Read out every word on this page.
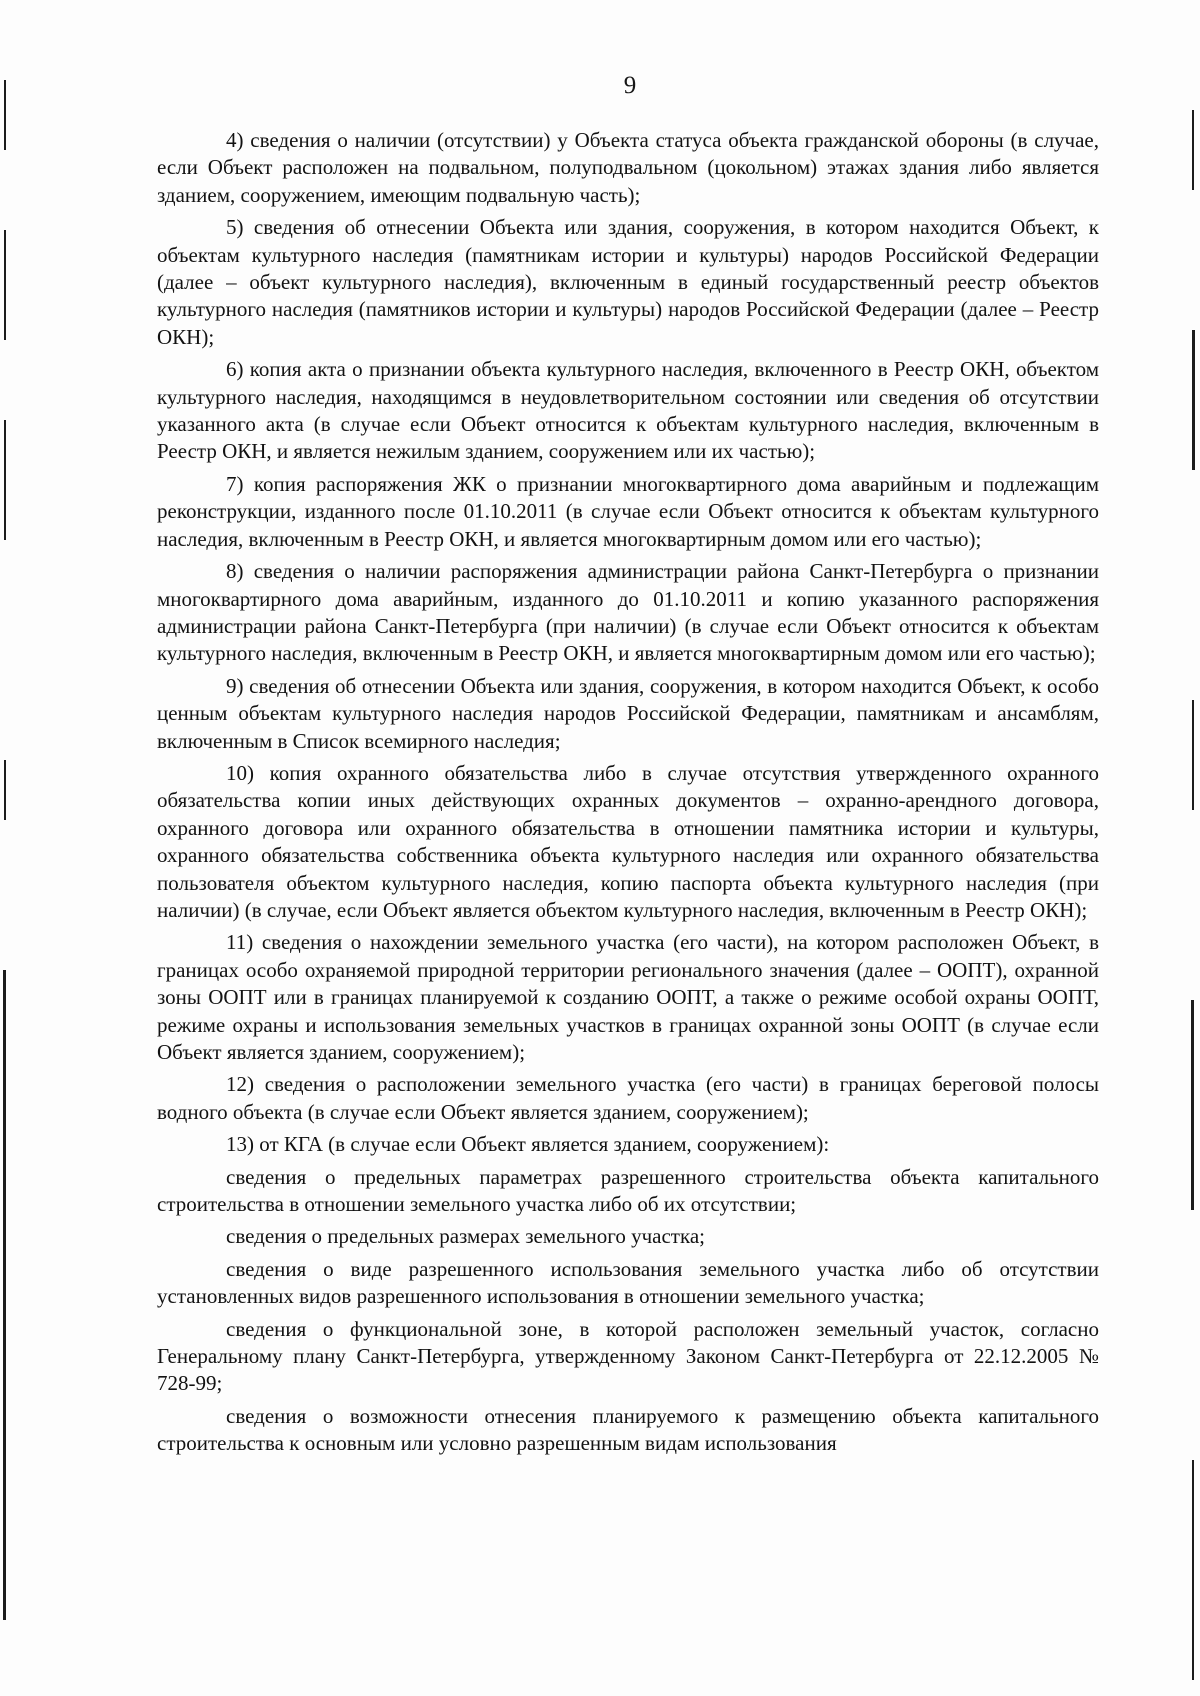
9

4) сведения о наличии (отсутствии) у Объекта статуса объекта гражданской обороны (в случае, если Объект расположен на подвальном, полуподвальном (цокольном) этажах здания либо является зданием, сооружением, имеющим подвальную часть);

5) сведения об отнесении Объекта или здания, сооружения, в котором находится Объект, к объектам культурного наследия (памятникам истории и культуры) народов Российской Федерации (далее – объект культурного наследия), включенным в единый государственный реестр объектов культурного наследия (памятников истории и культуры) народов Российской Федерации (далее – Реестр ОКН);

6) копия акта о признании объекта культурного наследия, включенного в Реестр ОКН, объектом культурного наследия, находящимся в неудовлетворительном состоянии или сведения об отсутствии указанного акта (в случае если Объект относится к объектам культурного наследия, включенным в Реестр ОКН, и является нежилым зданием, сооружением или их частью);

7) копия распоряжения ЖК о признании многоквартирного дома аварийным и подлежащим реконструкции, изданного после 01.10.2011 (в случае если Объект относится к объектам культурного наследия, включенным в Реестр ОКН, и является многоквартирным домом или его частью);

8) сведения о наличии распоряжения администрации района Санкт-Петербурга о признании многоквартирного дома аварийным, изданного до 01.10.2011 и копию указанного распоряжения администрации района Санкт-Петербурга (при наличии) (в случае если Объект относится к объектам культурного наследия, включенным в Реестр ОКН, и является многоквартирным домом или его частью);

9) сведения об отнесении Объекта или здания, сооружения, в котором находится Объект, к особо ценным объектам культурного наследия народов Российской Федерации, памятникам и ансамблям, включенным в Список всемирного наследия;

10) копия охранного обязательства либо в случае отсутствия утвержденного охранного обязательства копии иных действующих охранных документов – охранно-арендного договора, охранного договора или охранного обязательства в отношении памятника истории и культуры, охранного обязательства собственника объекта культурного наследия или охранного обязательства пользователя объектом культурного наследия, копию паспорта объекта культурного наследия (при наличии) (в случае, если Объект является объектом культурного наследия, включенным в Реестр ОКН);

11) сведения о нахождении земельного участка (его части), на котором расположен Объект, в границах особо охраняемой природной территории регионального значения (далее – ООПТ), охранной зоны ООПТ или в границах планируемой к созданию ООПТ, а также о режиме особой охраны ООПТ, режиме охраны и использования земельных участков в границах охранной зоны ООПТ (в случае если Объект является зданием, сооружением);

12) сведения о расположении земельного участка (его части) в границах береговой полосы водного объекта (в случае если Объект является зданием, сооружением);

13) от КГА (в случае если Объект является зданием, сооружением):

сведения о предельных параметрах разрешенного строительства объекта капитального строительства в отношении земельного участка либо об их отсутствии;

сведения о предельных размерах земельного участка;

сведения о виде разрешенного использования земельного участка либо об отсутствии установленных видов разрешенного использования в отношении земельного участка;

сведения о функциональной зоне, в которой расположен земельный участок, согласно Генеральному плану Санкт-Петербурга, утвержденному Законом Санкт-Петербурга от 22.12.2005 № 728-99;

сведения о возможности отнесения планируемого к размещению объекта капитального строительства к основным или условно разрешенным видам использования
